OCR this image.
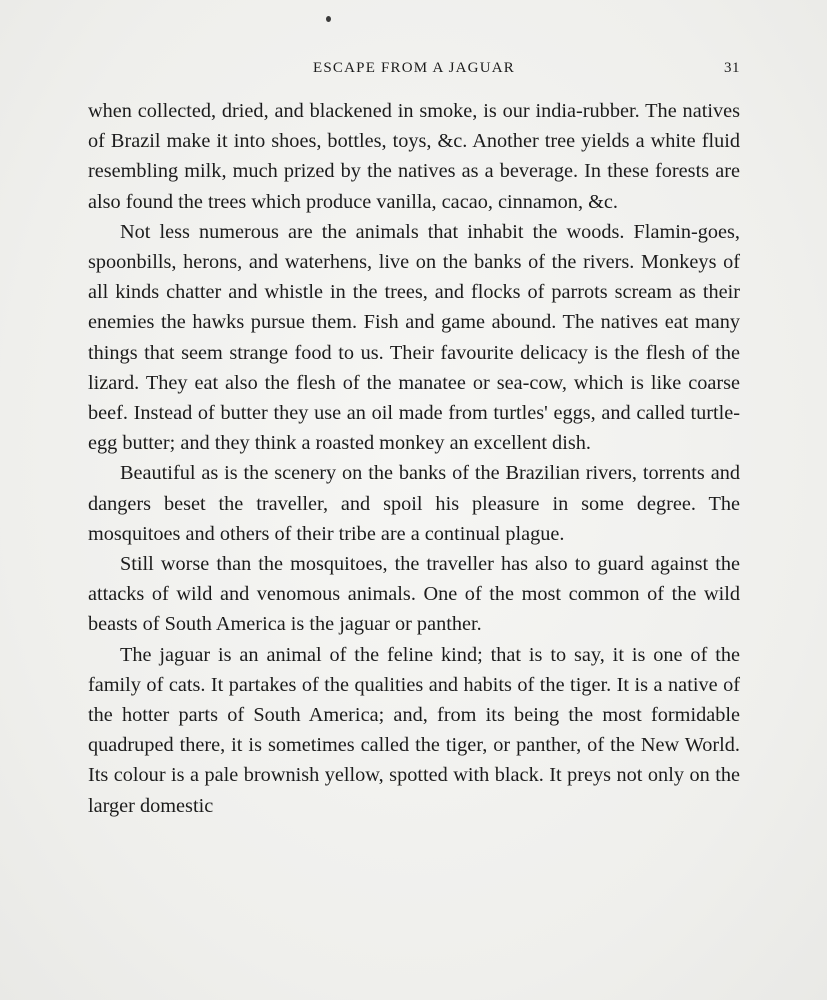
ESCAPE FROM A JAGUAR	31

when collected, dried, and blackened in smoke, is our india-rubber. The natives of Brazil make it into shoes, bottles, toys, &c. Another tree yields a white fluid resembling milk, much prized by the natives as a beverage. In these forests are also found the trees which produce vanilla, cacao, cinnamon, &c.

Not less numerous are the animals that inhabit the woods. Flamin-goes, spoonbills, herons, and waterhens, live on the banks of the rivers. Monkeys of all kinds chatter and whistle in the trees, and flocks of parrots scream as their enemies the hawks pursue them. Fish and game abound. The natives eat many things that seem strange food to us. Their favourite delicacy is the flesh of the lizard. They eat also the flesh of the manatee or sea-cow, which is like coarse beef. Instead of butter they use an oil made from turtles' eggs, and called turtle-egg butter; and they think a roasted monkey an excellent dish.

Beautiful as is the scenery on the banks of the Brazilian rivers, torrents and dangers beset the traveller, and spoil his pleasure in some degree. The mosquitoes and others of their tribe are a continual plague.

Still worse than the mosquitoes, the traveller has also to guard against the attacks of wild and venomous animals. One of the most common of the wild beasts of South America is the jaguar or panther.

The jaguar is an animal of the feline kind; that is to say, it is one of the family of cats. It partakes of the qualities and habits of the tiger. It is a native of the hotter parts of South America; and, from its being the most formidable quadruped there, it is sometimes called the tiger, or panther, of the New World. Its colour is a pale brownish yellow, spotted with black. It preys not only on the larger domestic
